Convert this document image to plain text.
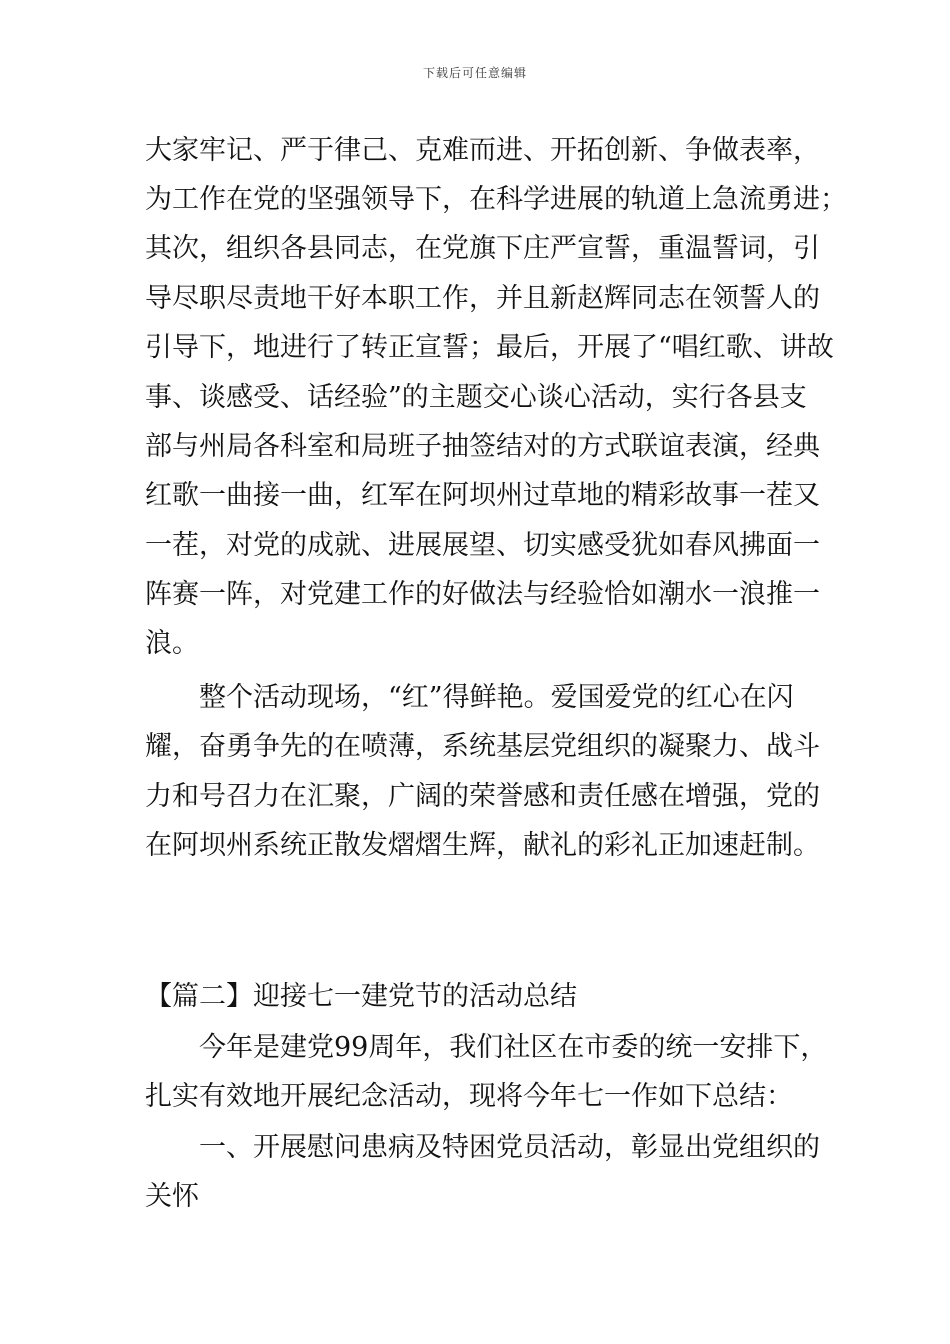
下载后可任意编辑
大家牢记、严于律己、克难而进、开拓创新、争做表率，
为工作在党的坚强领导下，在科学进展的轨道上急流勇进；
其次，组织各县同志，在党旗下庄严宣誓，重温誓词，引
导尽职尽责地干好本职工作，并且新赵辉同志在领誓人的
引导下，地进行了转正宣誓；最后，开展了“唱红歌、讲故
事、谈感受、话经验”的主题交心谈心活动，实行各县支
部与州局各科室和局班子抽签结对的方式联谊表演，经典
红歌一曲接一曲，红军在阿坝州过草地的精彩故事一茬又
一茬，对党的成就、进展展望、切实感受犹如春风拂面一
阵赛一阵，对党建工作的好做法与经验恰如潮水一浪推一
浪。
整个活动现场，“红”得鲜艳。爱国爱党的红心在闪
耀，奋勇争先的在喷薄，系统基层党组织的凝聚力、战斗
力和号召力在汇聚，广阔的荣誉感和责任感在增强，党的
在阿坝州系统正散发熠熠生辉，献礼的彩礼正加速赶制。
【篇二】迎接七一建党节的活动总结
今年是建党99周年，我们社区在市委的统一安排下，
扎实有效地开展纪念活动，现将今年七一作如下总结：
一、开展慰问患病及特困党员活动，彰显出党组织的
关怀
